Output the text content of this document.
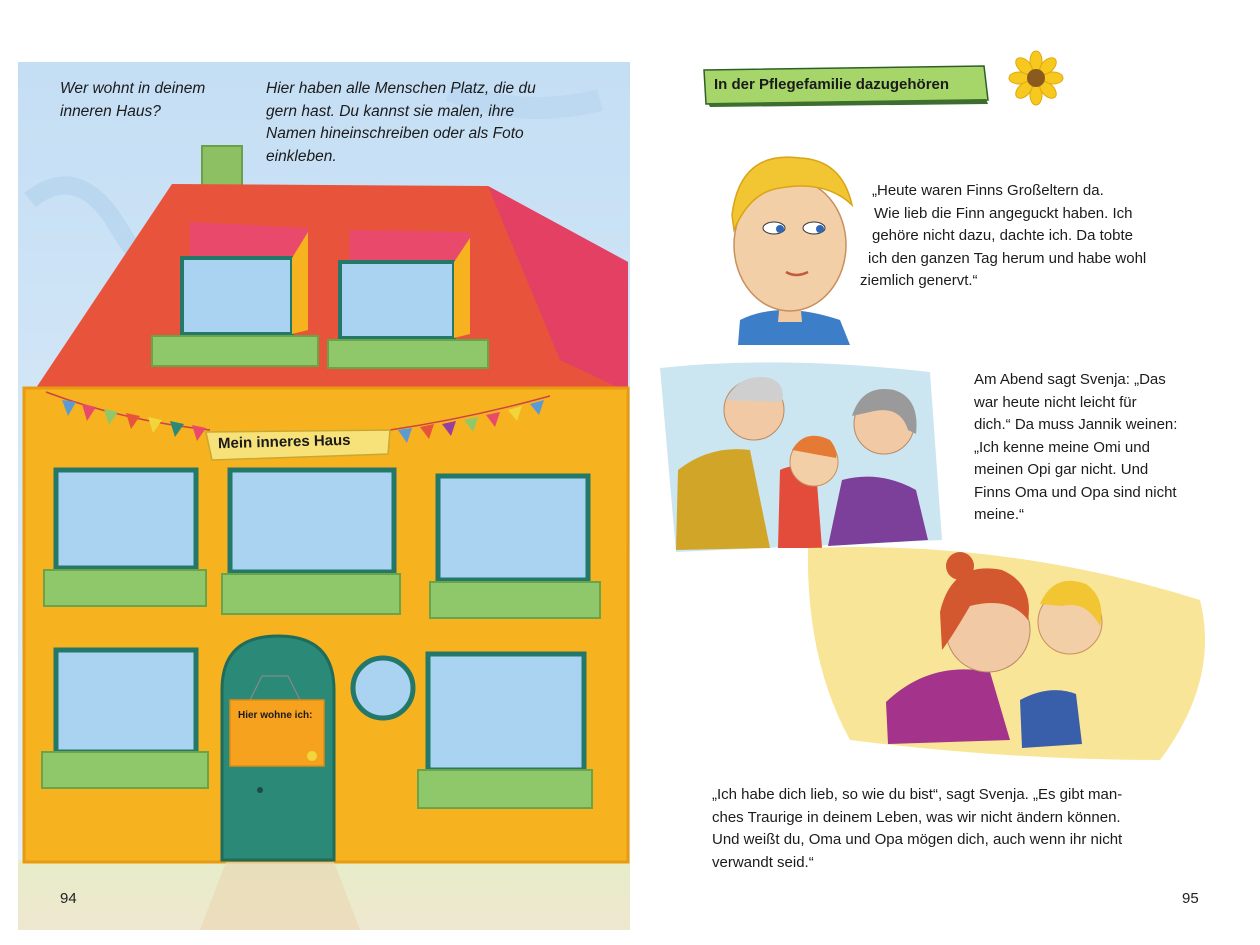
Wer wohnt in deinem
inneren Haus?
Hier haben alle Menschen Platz, die du
gern hast. Du kannst sie malen, ihre
Namen hineinschreiben oder als Foto
einkleben.
Mein inneres Haus
Hier wohne ich:
94
In der Pflegefamilie dazugehören
„Heute waren Finns Großeltern da.
Wie lieb die Finn angeguckt haben. Ich
gehöre nicht dazu, dachte ich. Da tobte
ich den ganzen Tag herum und habe wohl
ziemlich genervt.“
Am Abend sagt Svenja: „Das
war heute nicht leicht für
dich.“ Da muss Jannik weinen:
„Ich kenne meine Omi und
meinen Opi gar nicht. Und
Finns Oma und Opa sind nicht
meine.“
„Ich habe dich lieb, so wie du bist“, sagt Svenja. „Es gibt man-
ches Traurige in deinem Leben, was wir nicht ändern können.
Und weißt du, Oma und Opa mögen dich, auch wenn ihr nicht
verwandt seid.“
95
